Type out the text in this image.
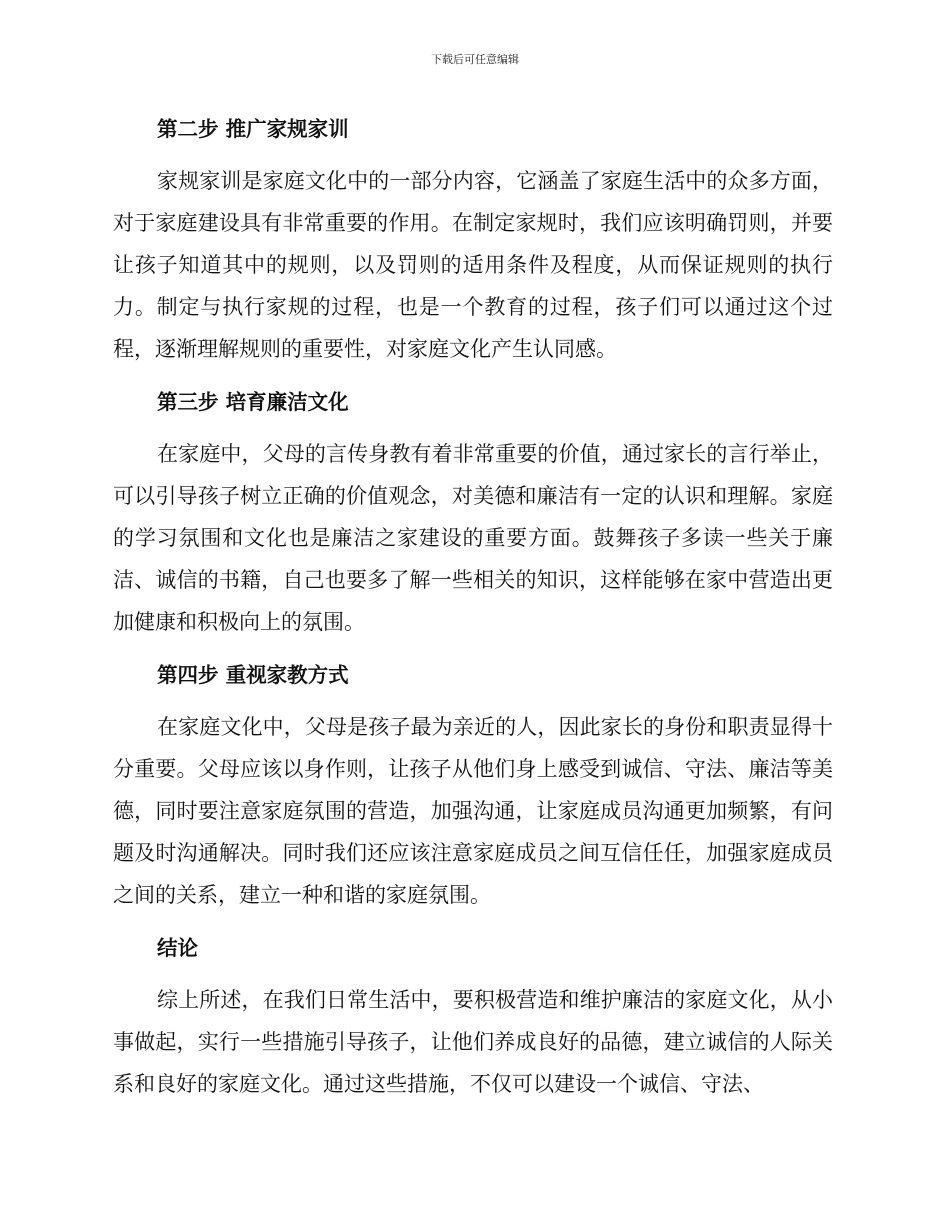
下载后可任意编辑
第二步 推广家规家训

家规家训是家庭文化中的一部分内容，它涵盖了家庭生活中的众多方面，对于家庭建设具有非常重要的作用。在制定家规时，我们应该明确罚则，并要让孩子知道其中的规则，以及罚则的适用条件及程度，从而保证规则的执行力。制定与执行家规的过程，也是一个教育的过程，孩子们可以通过这个过程，逐渐理解规则的重要性，对家庭文化产生认同感。

第三步 培育廉洁文化

在家庭中，父母的言传身教有着非常重要的价值，通过家长的言行举止，可以引导孩子树立正确的价值观念，对美德和廉洁有一定的认识和理解。家庭的学习氛围和文化也是廉洁之家建设的重要方面。鼓舞孩子多读一些关于廉洁、诚信的书籍，自己也要多了解一些相关的知识，这样能够在家中营造出更加健康和积极向上的氛围。

第四步 重视家教方式

在家庭文化中，父母是孩子最为亲近的人，因此家长的身份和职责显得十分重要。父母应该以身作则，让孩子从他们身上感受到诚信、守法、廉洁等美德，同时要注意家庭氛围的营造，加强沟通，让家庭成员沟通更加频繁，有问题及时沟通解决。同时我们还应该注意家庭成员之间互信任任，加强家庭成员之间的关系，建立一种和谐的家庭氛围。

结论

综上所述，在我们日常生活中，要积极营造和维护廉洁的家庭文化，从小事做起，实行一些措施引导孩子，让他们养成良好的品德，建立诚信的人际关系和良好的家庭文化。通过这些措施，不仅可以建设一个诚信、守法、
